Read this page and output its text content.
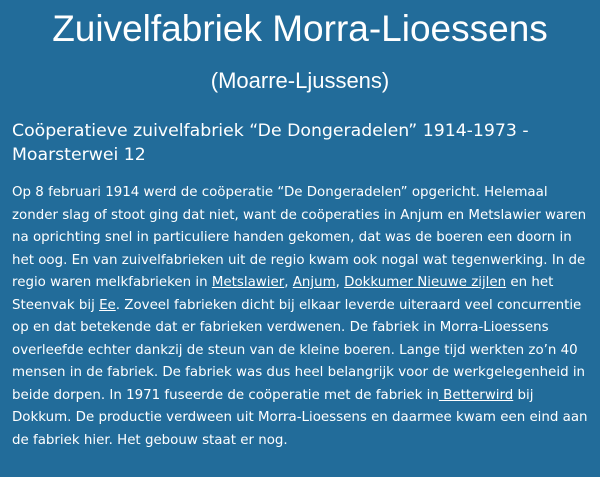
Zuivelfabriek Morra-Lioessens
(Moarre-Ljussens)
Coöperatieve zuivelfabriek “De Dongeradelen” 1914-1973 - Moarsterwei 12

Op 8 februari 1914 werd de coöperatie “De Dongeradelen” opgericht. Helemaal zonder slag of stoot ging dat niet, want de coöperaties in Anjum en Metslawier waren na oprichting snel in particuliere handen gekomen, dat was de boeren een doorn in het oog. En van zuivelfabrieken uit de regio kwam ook nogal wat tegenwerking. In de regio waren melkfabrieken in Metslawier, Anjum, Dokkumer Nieuwe zijlen en het Steenvak bij Ee. Zoveel fabrieken dicht bij elkaar leverde uiteraard veel concurrentie op en dat betekende dat er fabrieken verdwenen. De fabriek in Morra-Lioessens overleefde echter dankzij de steun van de kleine boeren. Lange tijd werkten zo’n 40 mensen in de fabriek. De fabriek was dus heel belangrijk voor de werkgelegenheid in beide dorpen. In 1971 fuseerde de coöperatie met de fabriek in Betterwird bij Dokkum. De productie verdween uit Morra-Lioessens en daarmee kwam een eind aan de fabriek hier. Het gebouw staat er nog.
